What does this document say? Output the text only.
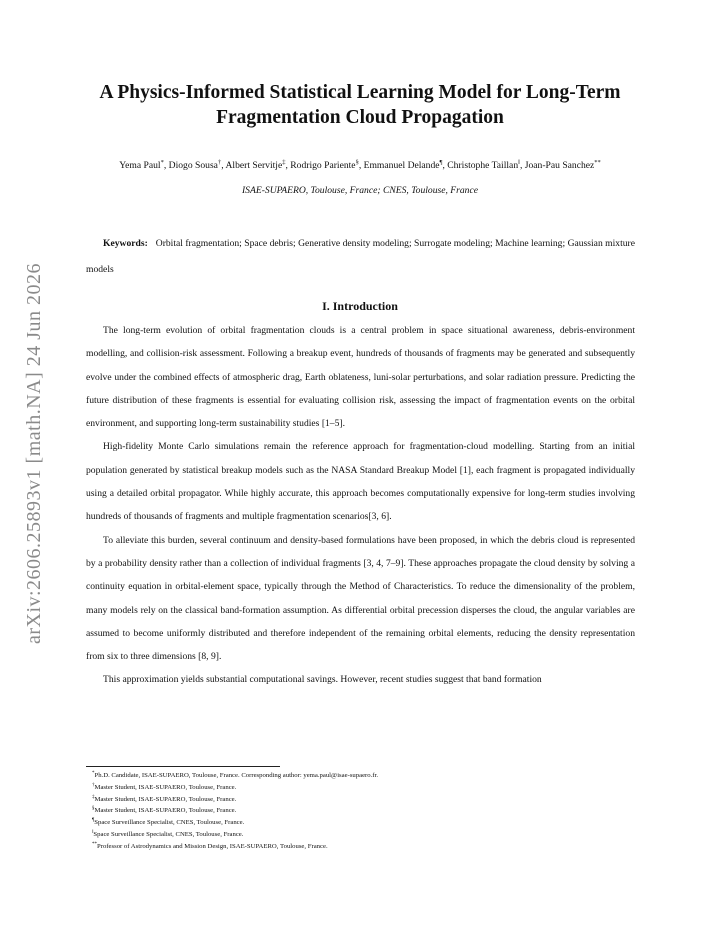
arXiv:2606.25893v1 [math.NA] 24 Jun 2026
A Physics-Informed Statistical Learning Model for Long-Term Fragmentation Cloud Propagation
Yema Paul*, Diogo Sousa†, Albert Servitje‡, Rodrigo Pariente§, Emmanuel Delande¶, Christophe Taillan‖, Joan-Pau Sanchez**
ISAE-SUPAERO, Toulouse, France; CNES, Toulouse, France
Keywords: Orbital fragmentation; Space debris; Generative density modeling; Surrogate modeling; Machine learning; Gaussian mixture models
I. Introduction

The long-term evolution of orbital fragmentation clouds is a central problem in space situational awareness, debris-environment modelling, and collision-risk assessment. Following a breakup event, hundreds of thousands of fragments may be generated and subsequently evolve under the combined effects of atmospheric drag, Earth oblateness, luni-solar perturbations, and solar radiation pressure. Predicting the future distribution of these fragments is essential for evaluating collision risk, assessing the impact of fragmentation events on the orbital environment, and supporting long-term sustainability studies [1–5].

High-fidelity Monte Carlo simulations remain the reference approach for fragmentation-cloud modelling. Starting from an initial population generated by statistical breakup models such as the NASA Standard Breakup Model [1], each fragment is propagated individually using a detailed orbital propagator. While highly accurate, this approach becomes computationally expensive for long-term studies involving hundreds of thousands of fragments and multiple fragmentation scenarios[3, 6].

To alleviate this burden, several continuum and density-based formulations have been proposed, in which the debris cloud is represented by a probability density rather than a collection of individual fragments [3, 4, 7–9]. These approaches propagate the cloud density by solving a continuity equation in orbital-element space, typically through the Method of Characteristics. To reduce the dimensionality of the problem, many models rely on the classical band-formation assumption. As differential orbital precession disperses the cloud, the angular variables are assumed to become uniformly distributed and therefore independent of the remaining orbital elements, reducing the density representation from six to three dimensions [8, 9].

This approximation yields substantial computational savings. However, recent studies suggest that band formation

*Ph.D. Candidate, ISAE-SUPAERO, Toulouse, France. Corresponding author: yema.paul@isae-supaero.fr.
†Master Student, ISAE-SUPAERO, Toulouse, France.
‡Master Student, ISAE-SUPAERO, Toulouse, France.
§Master Student, ISAE-SUPAERO, Toulouse, France.
¶Space Surveillance Specialist, CNES, Toulouse, France.
‖Space Surveillance Specialist, CNES, Toulouse, France.
**Professor of Astrodynamics and Mission Design, ISAE-SUPAERO, Toulouse, France.
